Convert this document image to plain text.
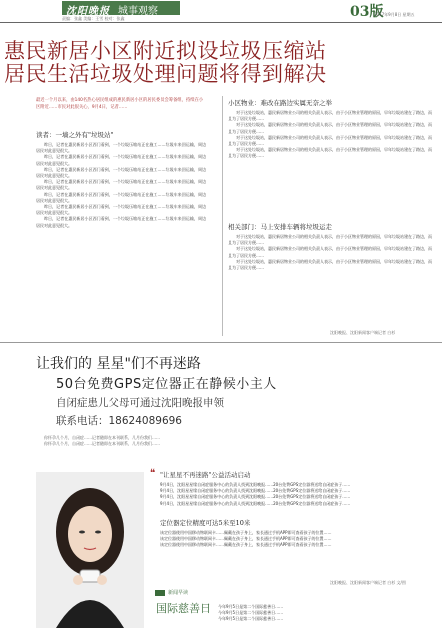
沈阳晚报 城事观察
责编：张鑫 美编：王雪 校对：张鑫	03版
2017年9月8日 星期五
惠民新居小区附近拟设垃圾压缩站
居民生活垃圾处理问题将得到解决
最近一个月以来，由140名热心居民组成的惠民新居小区的居民委员会筹备组，持续在小区附近……市民对此很关心，9月4日，记者……
读者：一墙之外有"垃圾站"

昨日，记者在惠民新居小区西门看到，一个垃圾压缩站正在施工……垃圾车来回运输，周边居民对此意见很大。

昨日，记者在惠民新居小区西门看到，一个垃圾压缩站正在施工……垃圾车来回运输，周边居民对此意见很大。

昨日，记者在惠民新居小区西门看到，一个垃圾压缩站正在施工……垃圾车来回运输，周边居民对此意见很大。

昨日，记者在惠民新居小区西门看到，一个垃圾压缩站正在施工……垃圾车来回运输，周边居民对此意见很大。

昨日，记者在惠民新居小区西门看到，一个垃圾压缩站正在施工……垃圾车来回运输，周边居民对此意见很大。

昨日，记者在惠民新居小区西门看到，一个垃圾压缩站正在施工……垃圾车来回运输，周边居民对此意见很大。

昨日，记者在惠民新居小区西门看到，一个垃圾压缩站正在施工……垃圾车来回运输，周边居民对此意见很大。

小区物业：难改在路边实属无奈之举

对于这处垃圾站，惠民新居物业公司的相关负责人表示，由于小区物业管理的原因，早年垃圾站建在了路边，而且为了居民方便……

对于这处垃圾站，惠民新居物业公司的相关负责人表示，由于小区物业管理的原因，早年垃圾站建在了路边，而且为了居民方便……

对于这处垃圾站，惠民新居物业公司的相关负责人表示，由于小区物业管理的原因，早年垃圾站建在了路边，而且为了居民方便……

对于这处垃圾站，惠民新居物业公司的相关负责人表示，由于小区物业管理的原因，早年垃圾站建在了路边，而且为了居民方便……

相关部门：马上安排车辆将垃圾运走

对于这处垃圾站，惠民新居物业公司的相关负责人表示，由于小区物业管理的原因，早年垃圾站建在了路边，而且为了居民方便……

对于这处垃圾站，惠民新居物业公司的相关负责人表示，由于小区物业管理的原因，早年垃圾站建在了路边，而且为了居民方便……

对于这处垃圾站，惠民新居物业公司的相关负责人表示，由于小区物业管理的原因，早年垃圾站建在了路边，而且为了居民方便……

沈阳晚报、沈阳新闻客户端记者 白杉
让我们的 星星"们不再迷路
50台免费GPS定位器正在静候小主人
自闭症患儿父母可通过沈阳晚报申领
联系电话：18624089696

你怀孕几个月，自闭症……记者随即在本刊联系，几月份我们……

你怀孕几个月，自闭症……记者随即在本刊联系，几月份我们……

❝ "让星星不再迷路"公益活动启动

9月4日，沈阳星星缘自闭症服务中心的负责人找到沈阳晚报……20台免费GPS定位器将送给自闭症孩子……

9月4日，沈阳星星缘自闭症服务中心的负责人找到沈阳晚报……20台免费GPS定位器将送给自闭症孩子……

9月4日，沈阳星星缘自闭症服务中心的负责人找到沈阳晚报……20台免费GPS定位器将送给自闭症孩子……

9月4日，沈阳星星缘自闭症服务中心的负责人找到沈阳晚报……20台免费GPS定位器将送给自闭症孩子……

定位器定位精度可达5米至10米

该定位器使用中国移动物联网卡……佩戴在孩子身上，家长通过手机APP即可查看孩子的位置……

该定位器使用中国移动物联网卡……佩戴在孩子身上，家长通过手机APP即可查看孩子的位置……

该定位器使用中国移动物联网卡……佩戴在孩子身上，家长通过手机APP即可查看孩子的位置……

沈阳晚报、沈阳新闻客户端记者 白杉 文/图
新闻早读
国际慈善日	今年9月5日是第二个国际慈善日……

今年9月5日是第二个国际慈善日……

今年9月5日是第二个国际慈善日……
